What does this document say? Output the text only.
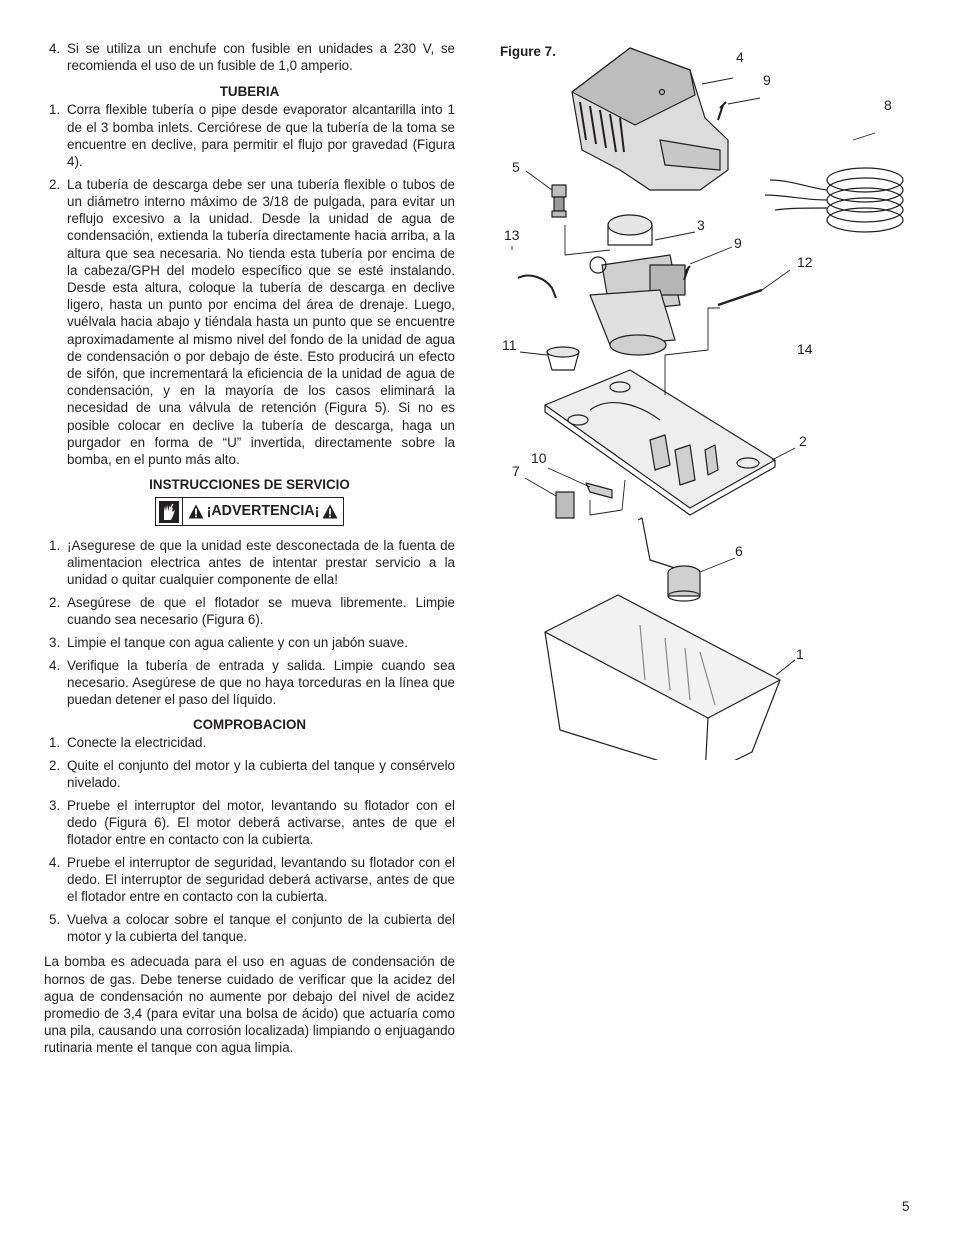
4. Si se utiliza un enchufe con fusible en unidades a 230 V, se recomienda el uso de un fusible de 1,0 amperio.
TUBERIA
1. Corra flexible tubería o pipe desde evaporator alcantarilla into 1 de el 3 bomba inlets. Cerciórese de que la tubería de la toma se encuentre en declive, para permitir el flujo por gravedad (Figura 4).
2. La tubería de descarga debe ser una tubería flexible o tubos de un diámetro interno máximo de 3/18 de pulgada, para evitar un reflujo excesivo a la unidad. Desde la unidad de agua de condensación, extienda la tubería directamente hacia arriba, a la altura que sea necesaria. No tienda esta tubería por encima de la cabeza/GPH del modelo específico que se esté instalando. Desde esta altura, coloque la tubería de descarga en declive ligero, hasta un punto por encima del área de drenaje. Luego, vuélvala hacia abajo y tiéndala hasta un punto que se encuentre aproximadamente al mismo nivel del fondo de la unidad de agua de condensación o por debajo de éste. Esto producirá un efecto de sifón, que incrementará la eficiencia de la unidad de agua de condensación, y en la mayoría de los casos eliminará la necesidad de una válvula de retención (Figura 5). Si no es posible colocar en declive la tubería de descarga, haga un purgador en forma de “U” invertida, directamente sobre la bomba, en el punto más alto.
INSTRUCCIONES DE SERVICIO
¡ADVERTENCIA¡
1. ¡Asegurese de que la unidad este desconectada de la fuenta de alimentacion electrica antes de intentar prestar servicio a la unidad o quitar cualquier componente de ella!
2. Asegúrese de que el flotador se mueva libremente. Limpie cuando sea necesario (Figura 6).
3. Limpie el tanque con agua caliente y con un jabón suave.
4. Verifique la tubería de entrada y salida. Limpie cuando sea necesario. Asegúrese de que no haya torceduras en la línea que puedan detener el paso del líquido.
COMPROBACION
1. Conecte la electricidad.
2. Quite el conjunto del motor y la cubierta del tanque y consérvelo nivelado.
3. Pruebe el interruptor del motor, levantando su flotador con el dedo (Figura 6). El motor deberá activarse, antes de que el flotador entre en contacto con la cubierta.
4. Pruebe el interruptor de seguridad, levantando su flotador con el dedo. El interruptor de seguridad deberá activarse, antes de que el flotador entre en contacto con la cubierta.
5. Vuelva a colocar sobre el tanque el conjunto de la cubierta del motor y la cubierta del tanque.

La bomba es adecuada para el uso en aguas de condensación de hornos de gas. Debe tenerse cuidado de verificar que la acidez del agua de condensación no aumente por debajo del nivel de acidez promedio de 3,4 (para evitar una bolsa de ácido) que actuaría como una pila, causando una corrosión localizada) limpiando o enjuagando rutinaria mente el tanque con agua limpia.

Figure 7.	4
9
8
5
3
9
13
12
11	14
2
10
7
6
1
5
